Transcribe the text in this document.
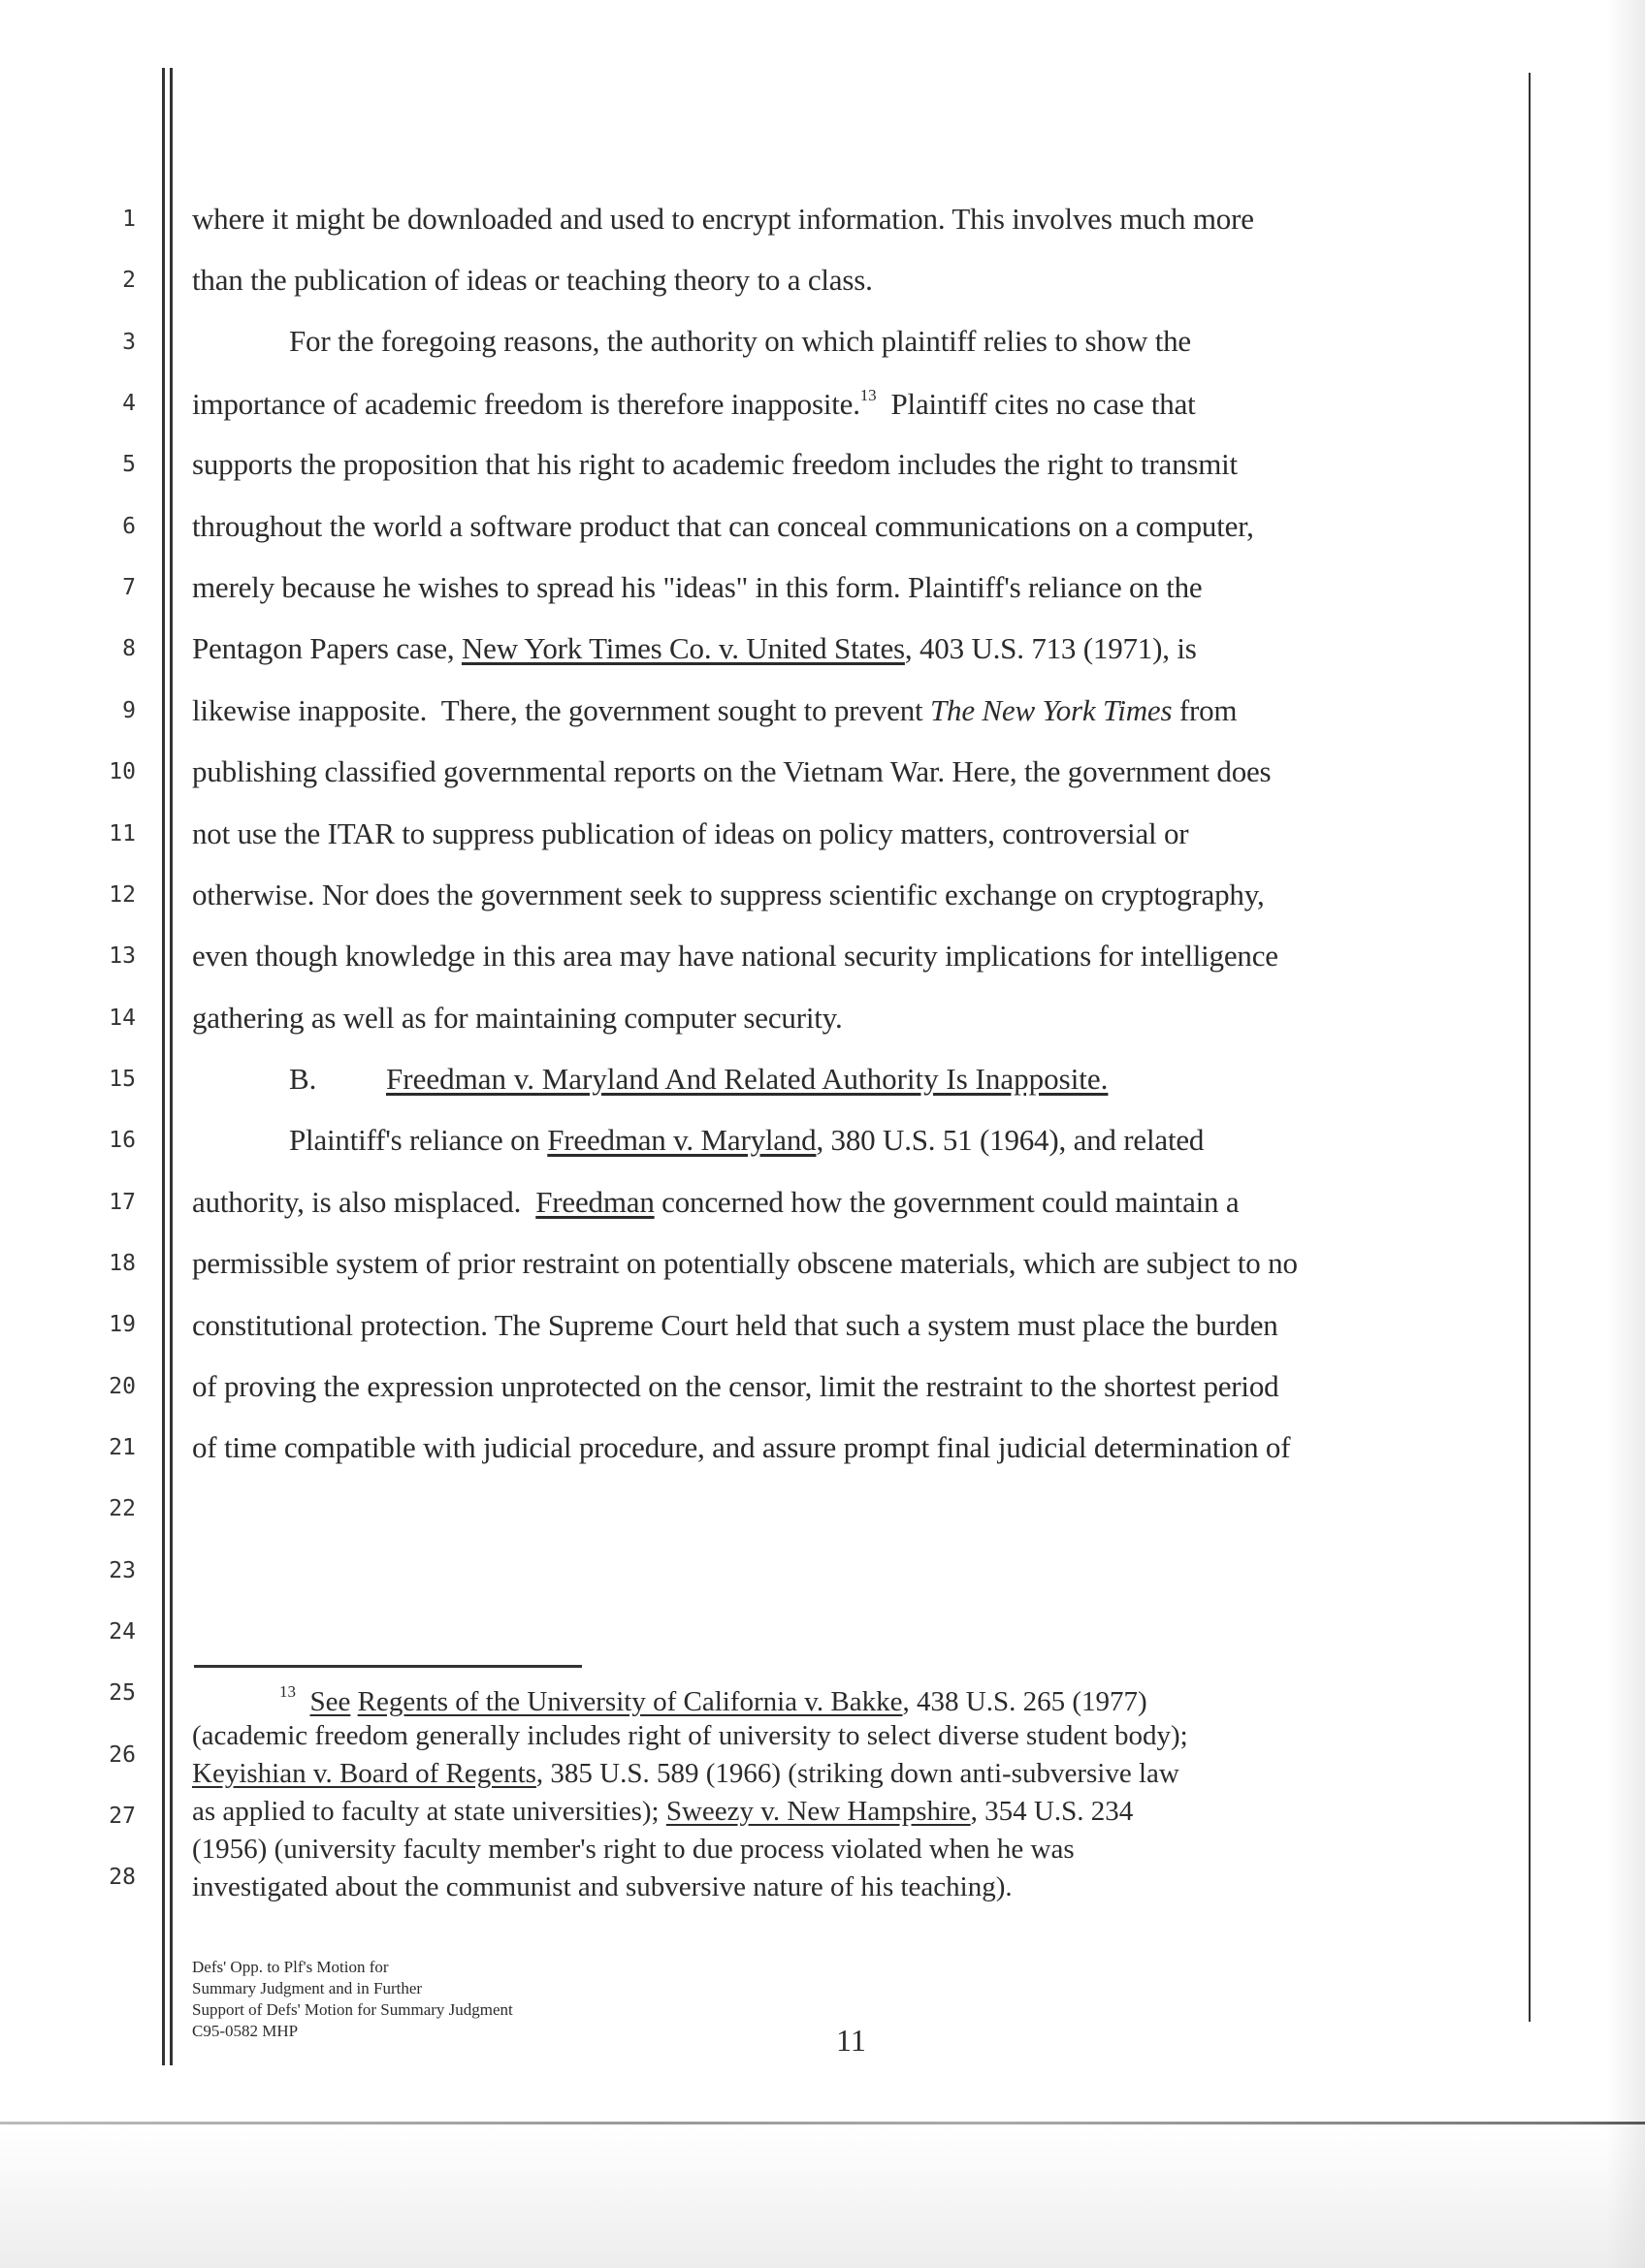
1
2
3
4
5
6
7
8
9
10
11
12
13
14
15
16
17
18
19
20
21
22
23
24
25
26
27
28
where it might be downloaded and used to encrypt information. This involves much more
than the publication of ideas or teaching theory to a class.
For the foregoing reasons, the authority on which plaintiff relies to show the
importance of academic freedom is therefore inapposite.$^{13}$  Plaintiff cites no case that
supports the proposition that his right to academic freedom includes the right to transmit
throughout the world a software product that can conceal communications on a computer,
merely because he wishes to spread his "ideas" in this form. Plaintiff's reliance on the
Pentagon Papers case, New York Times Co. v. United States, 403 U.S. 713 (1971), is
likewise inapposite.  There, the government sought to prevent The New York Times from
publishing classified governmental reports on the Vietnam War. Here, the government does
not use the ITAR to suppress publication of ideas on policy matters, controversial or
otherwise. Nor does the government seek to suppress scientific exchange on cryptography,
even though knowledge in this area may have national security implications for intelligence
gathering as well as for maintaining computer security.
B. Freedman v. Maryland And Related Authority Is Inapposite.
Plaintiff's reliance on Freedman v. Maryland, 380 U.S. 51 (1964), and related
authority, is also misplaced.  Freedman concerned how the government could maintain a
permissible system of prior restraint on potentially obscene materials, which are subject to no
constitutional protection. The Supreme Court held that such a system must place the burden
of proving the expression unprotected on the censor, limit the restraint to the shortest period
of time compatible with judicial procedure, and assure prompt final judicial determination of
$^{13}$ See Regents of the University of California v. Bakke, 438 U.S. 265 (1977)
(academic freedom generally includes right of university to select diverse student body);
Keyishian v. Board of Regents, 385 U.S. 589 (1966) (striking down anti-subversive law
as applied to faculty at state universities); Sweezy v. New Hampshire, 354 U.S. 234
(1956) (university faculty member's right to due process violated when he was
investigated about the communist and subversive nature of his teaching).
Defs' Opp. to Plf's Motion for
Summary Judgment and in Further
Support of Defs' Motion for Summary Judgment
C95-0582 MHP	11
